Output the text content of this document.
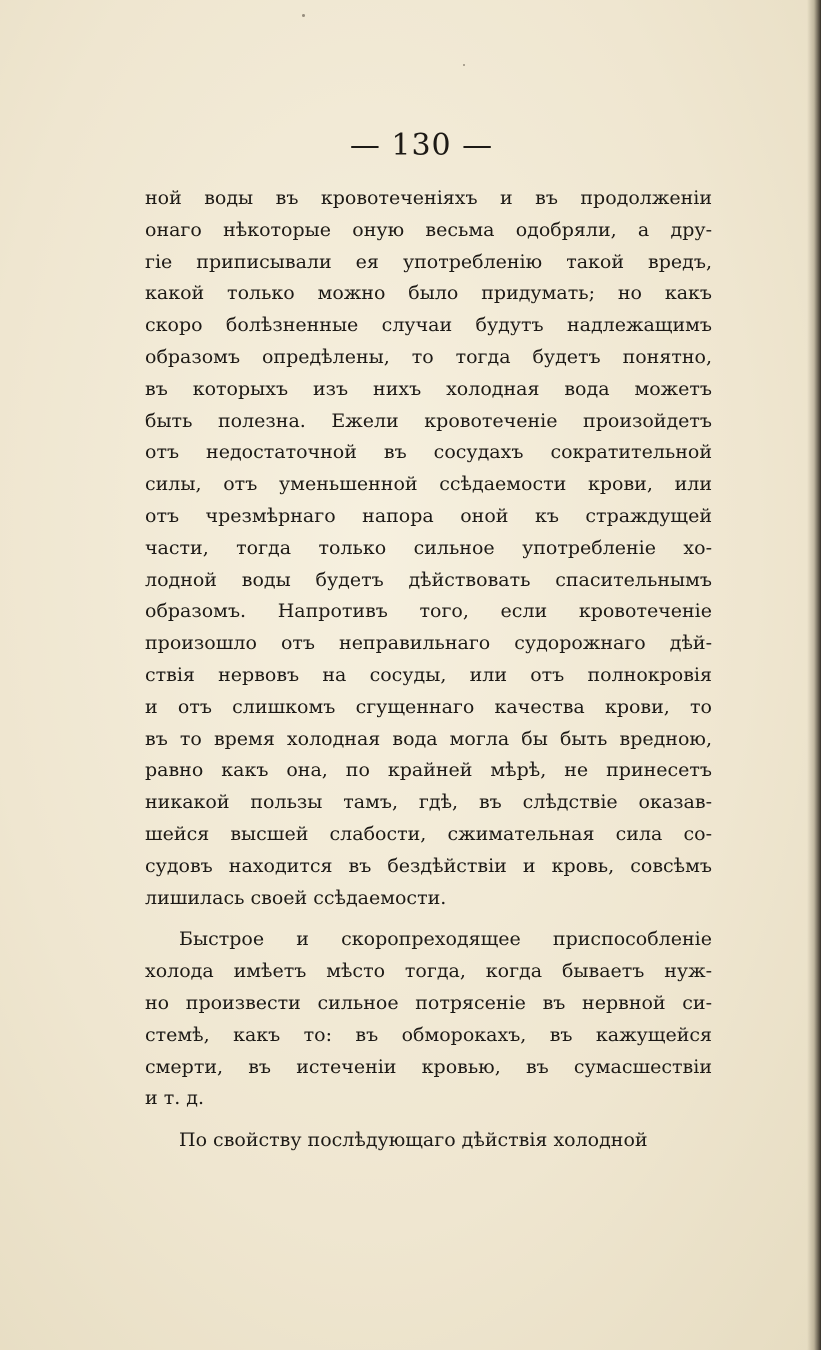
— 130 —
ной воды въ кровотеченiяхъ и въ продолженiи
онаго нѣкоторые оную весьма одобряли, а дру-
гiе приписывали ея употребленiю такой вредъ,
какой только можно было придумать; но какъ
скоро болѣзненные случаи будутъ надлежащимъ
образомъ опредѣлены, то тогда будетъ понятно,
въ которыхъ изъ нихъ холодная вода можетъ
быть полезна. Ежели кровотеченiе произойдетъ
отъ недостаточной въ сосудахъ сократительной
силы, отъ уменьшенной ссѣдаемости крови, или
отъ чрезмѣрнаго напора оной къ страждущей
части, тогда только сильное употребленiе хо-
лодной воды будетъ дѣйствовать спасительнымъ
образомъ. Напротивъ того, если кровотеченiе
произошло отъ неправильнаго судорожнаго дѣй-
ствiя нервовъ на сосуды, или отъ полнокровiя
и отъ слишкомъ сгущеннаго качества крови, то
въ то время холодная вода могла бы быть вредною,
равно какъ она, по крайней мѣрѣ, не принесетъ
никакой пользы тамъ, гдѣ, въ слѣдствiе оказав-
шейся высшей слабости, сжимательная сила со-
судовъ находится въ бездѣйствiи и кровь, совсѣмъ
лишилась своей ссѣдаемости.
Быстрое и скоропреходящее приспособленiе
холода имѣетъ мѣсто тогда, когда бываетъ нуж-
но произвести сильное потрясенiе въ нервной си-
стемѣ, какъ то: въ обморокахъ, въ кажущейся
смерти, въ истеченiи кровью, въ сумасшествiи
и т. д.
По свойству послѣдующаго дѣйствiя холодной
